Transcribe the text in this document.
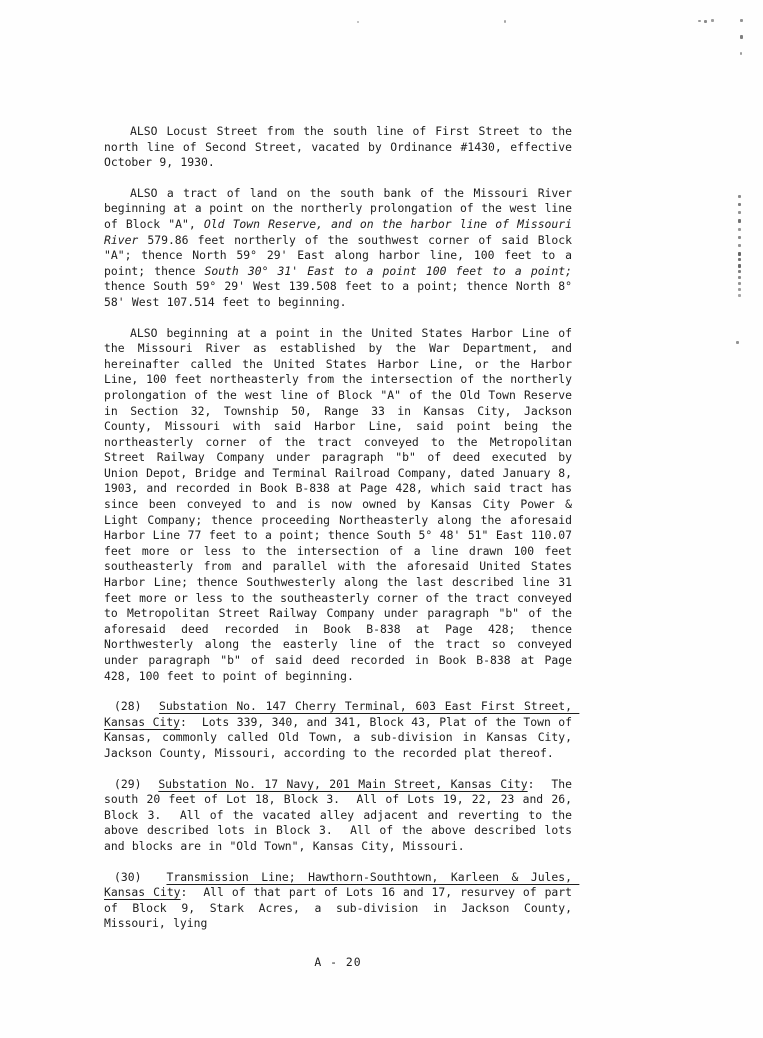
ALSO Locust Street from the south line of First Street to the north line of Second Street, vacated by Ordinance #1430, effective October 9, 1930.

ALSO a tract of land on the south bank of the Missouri River beginning at a point on the northerly prolongation of the west line of Block "A", Old Town Reserve, and on the harbor line of Missouri River 579.86 feet northerly of the southwest corner of said Block "A"; thence North 59° 29' East along harbor line, 100 feet to a point; thence South 30° 31' East to a point 100 feet to a point; thence South 59° 29' West 139.508 feet to a point; thence North 8° 58' West 107.514 feet to beginning.

ALSO beginning at a point in the United States Harbor Line of the Missouri River as established by the War Department, and hereinafter called the United States Harbor Line, or the Harbor Line, 100 feet northeasterly from the intersection of the northerly prolongation of the west line of Block "A" of the Old Town Reserve in Section 32, Township 50, Range 33 in Kansas City, Jackson County, Missouri with said Harbor Line, said point being the northeasterly corner of the tract conveyed to the Metropolitan Street Railway Company under paragraph "b" of deed executed by Union Depot, Bridge and Terminal Railroad Company, dated January 8, 1903, and recorded in Book B-838 at Page 428, which said tract has since been conveyed to and is now owned by Kansas City Power & Light Company; thence proceeding Northeasterly along the aforesaid Harbor Line 77 feet to a point; thence South 5° 48' 51" East 110.07 feet more or less to the intersection of a line drawn 100 feet southeasterly from and parallel with the aforesaid United States Harbor Line; thence Southwesterly along the last described line 31 feet more or less to the southeasterly corner of the tract conveyed to Metropolitan Street Railway Company under paragraph "b" of the aforesaid deed recorded in Book B-838 at Page 428; thence Northwesterly along the easterly line of the tract so conveyed under paragraph "b" of said deed recorded in Book B-838 at Page 428, 100 feet to point of beginning.

(28)  Substation No. 147 Cherry Terminal, 603 East First Street, Kansas City:  Lots 339, 340, and 341, Block 43, Plat of the Town of Kansas, commonly called Old Town, a sub-division in Kansas City, Jackson County, Missouri, according to the recorded plat thereof.

(29)  Substation No. 17 Navy, 201 Main Street, Kansas City:  The south 20 feet of Lot 18, Block 3.  All of Lots 19, 22, 23 and 26, Block 3.  All of the vacated alley adjacent and reverting to the above described lots in Block 3.  All of the above described lots and blocks are in "Old Town", Kansas City, Missouri.

(30)  Transmission Line; Hawthorn-Southtown, Karleen & Jules, Kansas City:  All of that part of Lots 16 and 17, resurvey of part of Block 9, Stark Acres, a sub-division in Jackson County, Missouri, lying

A - 20
